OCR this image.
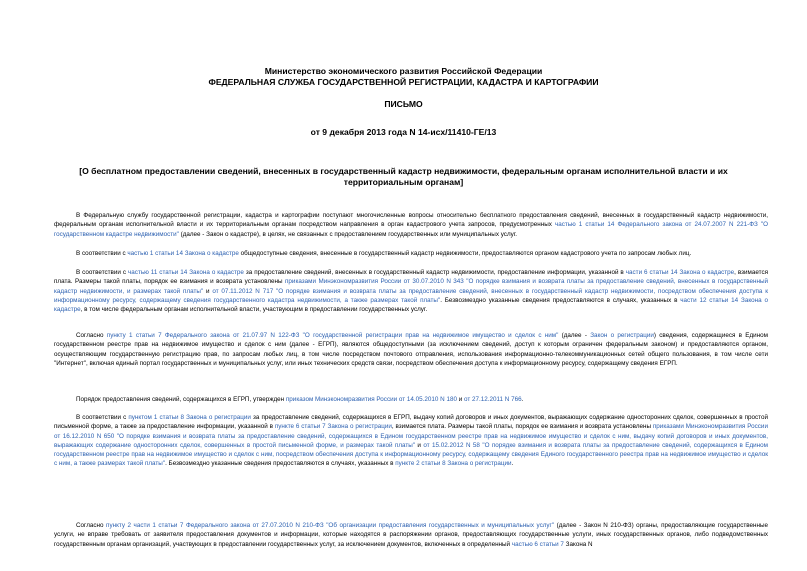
Министерство экономического развития Российской Федерации
ФЕДЕРАЛЬНАЯ СЛУЖБА ГОСУДАРСТВЕННОЙ РЕГИСТРАЦИИ, КАДАСТРА И КАРТОГРАФИИ
ПИСЬМО
от 9 декабря 2013 года N 14-исх/11410-ГЕ/13
[О бесплатном предоставлении сведений, внесенных в государственный кадастр недвижимости, федеральным органам исполнительной власти и их
территориальным органам]
В Федеральную службу государственной регистрации, кадастра и картографии поступают многочисленные вопросы относительно бесплатного предоставления сведений, внесенных в государственный кадастр недвижимости, федеральным органам исполнительной власти и их территориальным органам посредством направления в орган кадастрового учета запросов, предусмотренных частью 1 статьи 14 Федерального закона от 24.07.2007 N 221-ФЗ "О государственном кадастре недвижимости" (далее - Закон о кадастре), в целях, не связанных с предоставлением государственных или муниципальных услуг.
В соответствии с частью 1 статьи 14 Закона о кадастре общедоступные сведения, внесенные в государственный кадастр недвижимости, предоставляются органом кадастрового учета по запросам любых лиц.
В соответствии с частью 11 статьи 14 Закона о кадастре за предоставление сведений, внесенных в государственный кадастр недвижимости, предоставление информации, указанной в части 6 статьи 14 Закона о кадастре, взимается плата. Размеры такой платы, порядок ее взимания и возврата установлены приказами Минэкономразвития России от 30.07.2010 N 343 "О порядке взимания и возврата платы за предоставление сведений, внесенных в государственный кадастр недвижимости, и размерах такой платы" и от 07.11.2012 N 717 "О порядке взимания и возврата платы за предоставление сведений, внесенных в государственный кадастр недвижимости, посредством обеспечения доступа к информационному ресурсу, содержащему сведения государственного кадастра недвижимости, а также размерах такой платы". Безвозмездно указанные сведения предоставляются в случаях, указанных в части 12 статьи 14 Закона о кадастре, в том числе федеральным органам исполнительной власти, участвующим в предоставлении государственных услуг.
Согласно пункту 1 статьи 7 Федерального закона от 21.07.97 N 122-ФЗ "О государственной регистрации прав на недвижимое имущество и сделок с ним" (далее - Закон о регистрации) сведения, содержащиеся в Едином государственном реестре прав на недвижимое имущество и сделок с ним (далее - ЕГРП), являются общедоступными (за исключением сведений, доступ к которым ограничен федеральным законом) и предоставляются органом, осуществляющим государственную регистрацию прав, по запросам любых лиц, в том числе посредством почтового отправления, использования информационно-телекоммуникационных сетей общего пользования, в том числе сети "Интернет", включая единый портал государственных и муниципальных услуг, или иных технических средств связи, посредством обеспечения доступа к информационному ресурсу, содержащему сведения ЕГРП.
Порядок предоставления сведений, содержащихся в ЕГРП, утвержден приказом Минэкономразвития России от 14.05.2010 N 180 и от 27.12.2011 N 766.
В соответствии с пунктом 1 статьи 8 Закона о регистрации за предоставление сведений, содержащихся в ЕГРП, выдачу копий договоров и иных документов, выражающих содержание односторонних сделок, совершенных в простой письменной форме, а также за предоставление информации, указанной в пункте 6 статьи 7 Закона о регистрации, взимается плата. Размеры такой платы, порядок ее взимания и возврата установлены приказами Минэкономразвития России от 16.12.2010 N 650 "О порядке взимания и возврата платы за предоставление сведений, содержащихся в Едином государственном реестре прав на недвижимое имущество и сделок с ним, выдачу копий договоров и иных документов, выражающих содержание односторонних сделок, совершенных в простой письменной форме, и размерах такой платы" и от 15.02.2012 N 58 "О порядке взимания и возврата платы за предоставление сведений, содержащихся в Едином государственном реестре прав на недвижимое имущество и сделок с ним, посредством обеспечения доступа к информационному ресурсу, содержащему сведения Единого государственного реестра прав на недвижимое имущество и сделок с ним, а также размерах такой платы". Безвозмездно указанные сведения предоставляются в случаях, указанных в пункте 2 статьи 8 Закона о регистрации.
Согласно пункту 2 части 1 статьи 7 Федерального закона от 27.07.2010 N 210-ФЗ "Об организации предоставления государственных и муниципальных услуг" (далее - Закон N 210-ФЗ) органы, предоставляющие государственные услуги, не вправе требовать от заявителя предоставления документов и информации, которые находятся в распоряжении органов, предоставляющих государственные услуги, иных государственных органов, либо подведомственных государственным органам организаций, участвующих в предоставлении государственных услуг, за исключением документов, включенных в определенный частью 6 статьи 7 Закона N
